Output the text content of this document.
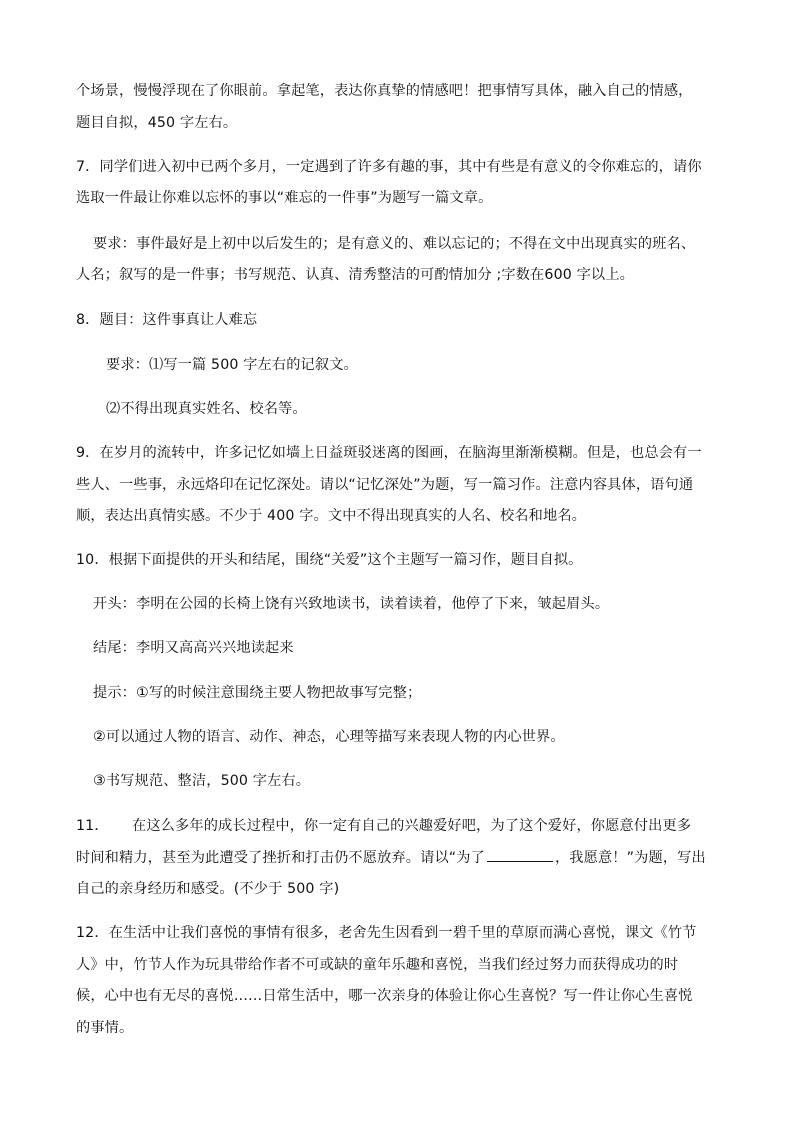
个场景，慢慢浮现在了你眼前。拿起笔，表达你真挚的情感吧！把事情写具体，融入自己的情感，
题目自拟，450 字左右。
7．同学们进入初中已两个多月，一定遇到了许多有趣的事，其中有些是有意义的令你难忘的，请你
选取一件最让你难以忘怀的事以“难忘的一件事”为题写一篇文章。
要求：事件最好是上初中以后发生的；是有意义的、难以忘记的；不得在文中出现真实的班名、
人名；叙写的是一件事；书写规范、认真、清秀整洁的可酌情加分 ;字数在600 字以上。
8．题目：这件事真让人难忘
要求：⑴写一篇 500 字左右的记叙文。
⑵不得出现真实姓名、校名等。
9．在岁月的流转中，许多记忆如墙上日益斑驳迷离的图画，在脑海里渐渐模糊。但是，也总会有一
些人、一些事，永远烙印在记忆深处。请以“记忆深处”为题，写一篇习作。注意内容具体，语句通
顺，表达出真情实感。不少于 400 字。文中不得出现真实的人名、校名和地名。
10．根据下面提供的开头和结尾，围绕“关爱”这个主题写一篇习作，题目自拟。
开头：李明在公园的长椅上饶有兴致地读书，读着读着，他停了下来，皱起眉头。
结尾：李明又高高兴兴地读起来
提示：①写的时候注意围绕主要人物把故事写完整；
②可以通过人物的语言、动作、神态，心理等描写来表现人物的内心世界。
③书写规范、整洁，500 字左右。
11． 在这么多年的成长过程中，你一定有自己的兴趣爱好吧，为了这个爱好，你愿意付出更多
时间和精力，甚至为此遭受了挫折和打击仍不愿放弃。请以“为了	，我愿意！”为题，写出
自己的亲身经历和感受。(不少于 500 字)
12．在生活中让我们喜悦的事情有很多，老舍先生因看到一碧千里的草原而满心喜悦，课文《竹节
人》中，竹节人作为玩具带给作者不可或缺的童年乐趣和喜悦，当我们经过努力而获得成功的时
候，心中也有无尽的喜悦……日常生活中，哪一次亲身的体验让你心生喜悦？写一件让你心生喜悦
的事情。
